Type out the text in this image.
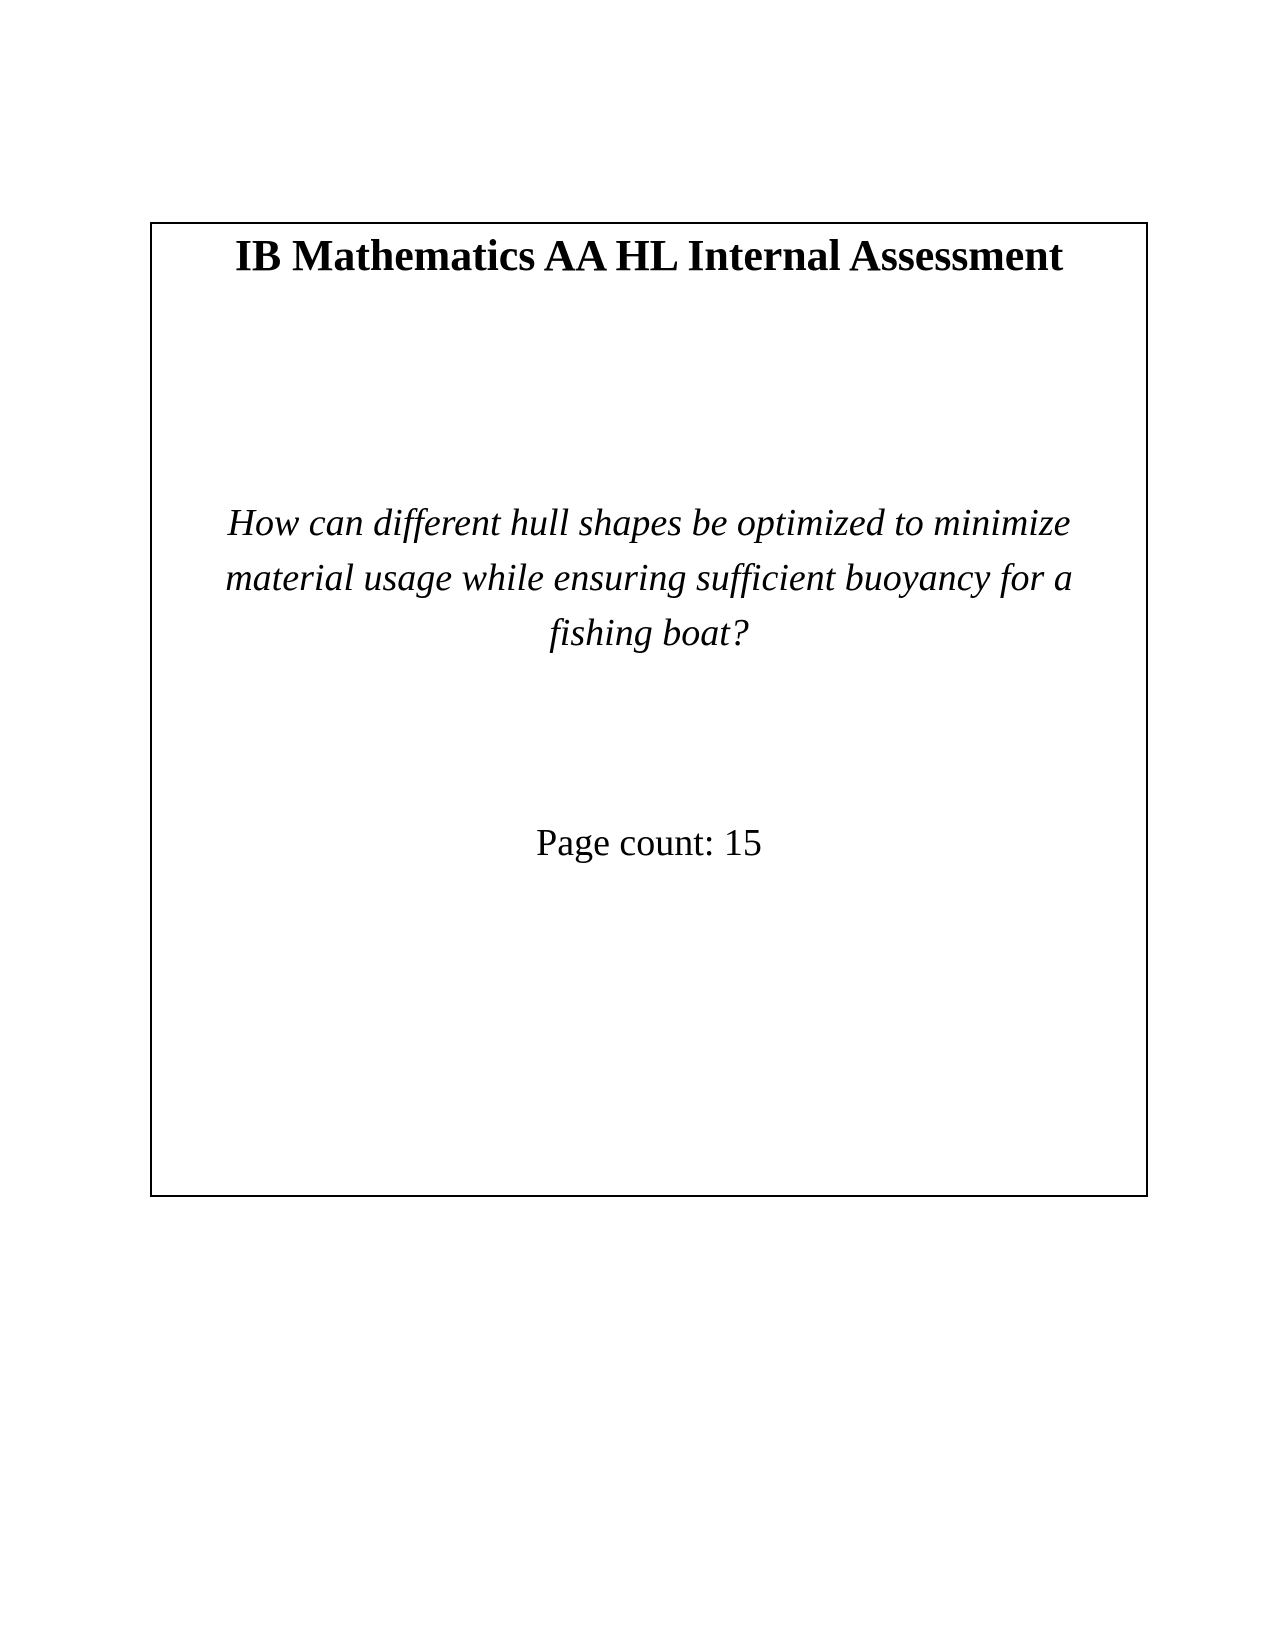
IB Mathematics AA HL Internal Assessment
How can different hull shapes be optimized to minimize material usage while ensuring sufficient buoyancy for a fishing boat?
Page count: 15
